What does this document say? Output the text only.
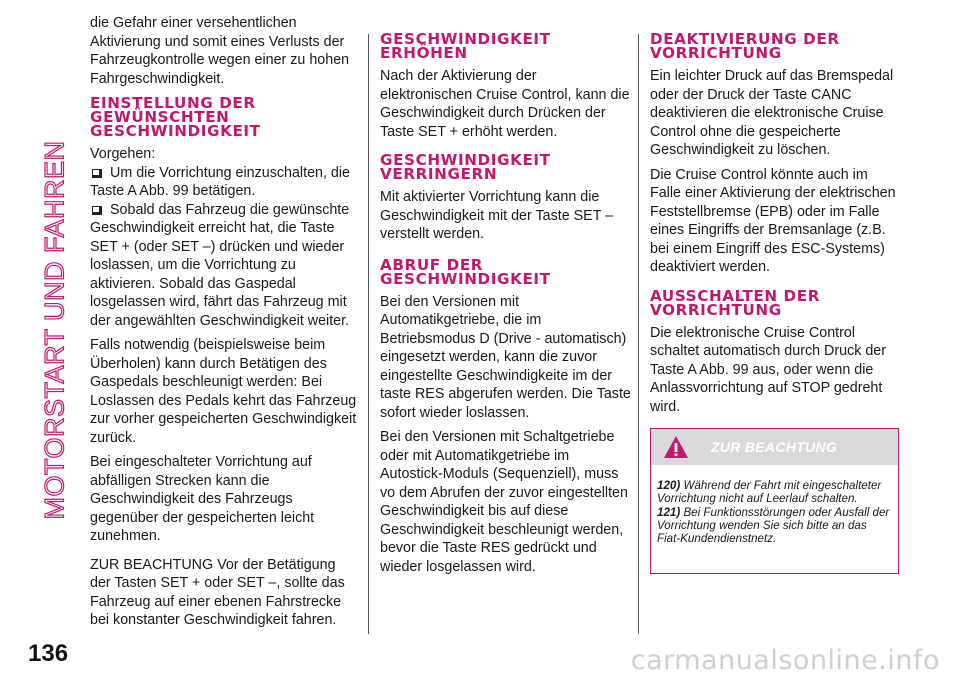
MOTORSTART UND FAHREN

die Gefahr einer versehentlichen Aktivierung und somit eines Verlusts der Fahrzeugkontrolle wegen einer zu hohen Fahrgeschwindigkeit.

EINSTELLUNG DER
GEWÜNSCHTEN
GESCHWINDIGKEIT

Vorgehen:

Um die Vorrichtung einzuschalten, die Taste A Abb. 99 betätigen.

Sobald das Fahrzeug die gewünschte Geschwindigkeit erreicht hat, die Taste SET + (oder SET –) drücken und wieder loslassen, um die Vorrichtung zu aktivieren. Sobald das Gaspedal losgelassen wird, fährt das Fahrzeug mit der angewählten Geschwindigkeit weiter.

Falls notwendig (beispielsweise beim Überholen) kann durch Betätigen des Gaspedals beschleunigt werden: Bei Loslassen des Pedals kehrt das Fahrzeug zur vorher gespeicherten Geschwindigkeit zurück.

Bei eingeschalteter Vorrichtung auf abfälligen Strecken kann die Geschwindigkeit des Fahrzeugs gegenüber der gespeicherten leicht zunehmen.

ZUR BEACHTUNG Vor der Betätigung der Tasten SET + oder SET –, sollte das Fahrzeug auf einer ebenen Fahrstrecke bei konstanter Geschwindigkeit fahren.

GESCHWINDIGKEIT
ERHÖHEN

Nach der Aktivierung der elektronischen Cruise Control, kann die Geschwindigkeit durch Drücken der Taste SET + erhöht werden.

GESCHWINDIGKEIT
VERRINGERN

Mit aktivierter Vorrichtung kann die Geschwindigkeit mit der Taste SET – verstellt werden.

ABRUF DER
GESCHWINDIGKEIT

Bei den Versionen mit Automatikgetriebe, die im Betriebsmodus D (Drive - automatisch) eingesetzt werden, kann die zuvor eingestellte Geschwindigkeite im der taste RES abgerufen werden. Die Taste sofort wieder loslassen.

Bei den Versionen mit Schaltgetriebe oder mit Automatikgetriebe im Autostick-Moduls (Sequenziell), muss vo dem Abrufen der zuvor eingestellten Geschwindigkeit bis auf diese Geschwindigkeit beschleunigt werden, bevor die Taste RES gedrückt und wieder losgelassen wird.

DEAKTIVIERUNG DER
VORRICHTUNG

Ein leichter Druck auf das Bremspedal oder der Druck der Taste CANC deaktivieren die elektronische Cruise Control ohne die gespeicherte Geschwindigkeit zu löschen.

Die Cruise Control könnte auch im Falle einer Aktivierung der elektrischen Feststellbremse (EPB) oder im Falle eines Eingriffs der Bremsanlage (z.B. bei einem Eingriff des ESC-Systems) deaktiviert werden.

AUSSCHALTEN DER
VORRICHTUNG

Die elektronische Cruise Control schaltet automatisch durch Druck der Taste A Abb. 99 aus, oder wenn die Anlassvorrichtung auf STOP gedreht wird.

ZUR BEACHTUNG
120) Während der Fahrt mit eingeschalteter Vorrichtung nicht auf Leerlauf schalten.
121) Bei Funktionsstörungen oder Ausfall der Vorrichtung wenden Sie sich bitte an das Fiat-Kundendienstnetz.
136	carmanualsonline.info
